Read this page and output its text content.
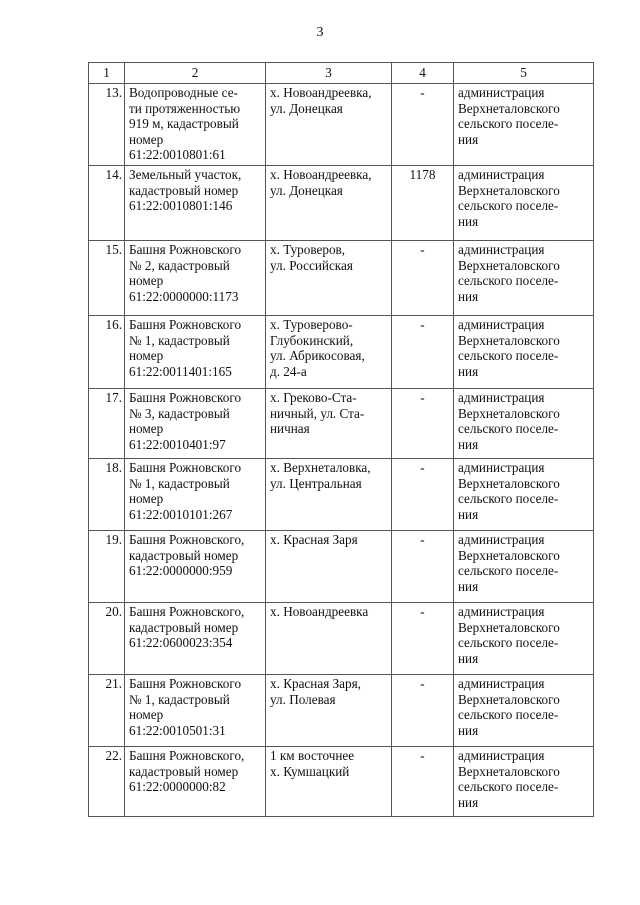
3
1	2	3	4	5

13.	Водопроводные се-
ти протяженностью
919 м, кадастровый
номер
61:22:0010801:61	х. Новоандреевка,
ул. Донецкая	-	администрация
Верхнеталовского
сельского поселе-
ния

14.	Земельный участок,
кадастровый номер
61:22:0010801:146	х. Новоандреевка,
ул. Донецкая	1178	администрация
Верхнеталовского
сельского поселе-
ния

15.	Башня Рожновского
№ 2, кадастровый
номер
61:22:0000000:1173	х. Туроверов,
ул. Российская	-	администрация
Верхнеталовского
сельского поселе-
ния

16.	Башня Рожновского
№ 1, кадастровый
номер
61:22:0011401:165	х. Туроверово-
Глубокинский,
ул. Абрикосовая,
д. 24-а	-	администрация
Верхнеталовского
сельского поселе-
ния

17.	Башня Рожновского
№ 3, кадастровый
номер
61:22:0010401:97	х. Греково-Ста-
ничный, ул. Ста-
ничная	-	администрация
Верхнеталовского
сельского поселе-
ния

18.	Башня Рожновского
№ 1, кадастровый
номер
61:22:0010101:267	х. Верхнеталовка,
ул. Центральная	-	администрация
Верхнеталовского
сельского поселе-
ния

19.	Башня Рожновского,
кадастровый номер
61:22:0000000:959	х. Красная Заря	-	администрация
Верхнеталовского
сельского поселе-
ния

20.	Башня Рожновского,
кадастровый номер
61:22:0600023:354	х. Новоандреевка	-	администрация
Верхнеталовского
сельского поселе-
ния

21.	Башня Рожновского
№ 1, кадастровый
номер
61:22:0010501:31	х. Красная Заря,
ул. Полевая	-	администрация
Верхнеталовского
сельского поселе-
ния

22.	Башня Рожновского,
кадастровый номер
61:22:0000000:82	1 км восточнее
х. Кумшацкий	-	администрация
Верхнеталовского
сельского поселе-
ния
